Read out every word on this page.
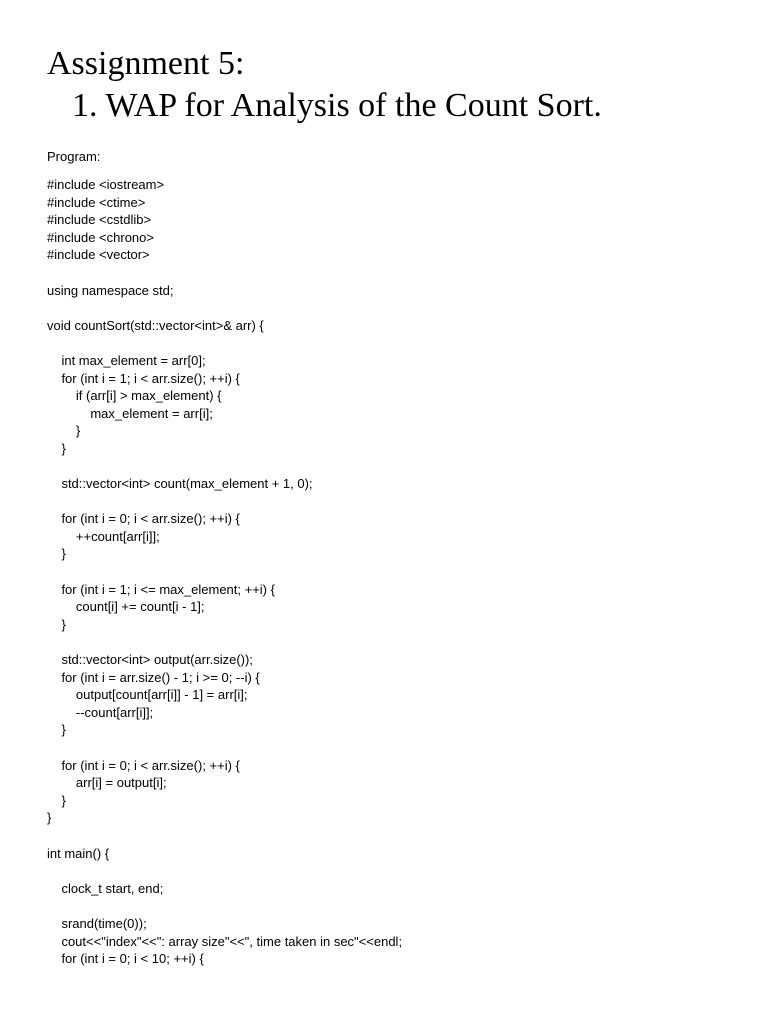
Assignment 5:
1. WAP for Analysis of the Count Sort.
Program:
#include <iostream>
#include <ctime>
#include <cstdlib>
#include <chrono>
#include <vector>
using namespace std;
void countSort(std::vector<int>& arr) {
int max_element = arr[0];
for (int i = 1; i < arr.size(); ++i) {
if (arr[i] > max_element) {
max_element = arr[i];
}
}
std::vector<int> count(max_element + 1, 0);
for (int i = 0; i < arr.size(); ++i) {
++count[arr[i]];
}
for (int i = 1; i <= max_element; ++i) {
count[i] += count[i - 1];
}
std::vector<int> output(arr.size());
for (int i = arr.size() - 1; i >= 0; --i) {
output[count[arr[i]] - 1] = arr[i];
--count[arr[i]];
}
for (int i = 0; i < arr.size(); ++i) {
arr[i] = output[i];
}
}
int main() {
clock_t start, end;
srand(time(0));
cout<<"index"<<": array size"<<", time taken in sec"<<endl;
for (int i = 0; i < 10; ++i) {
